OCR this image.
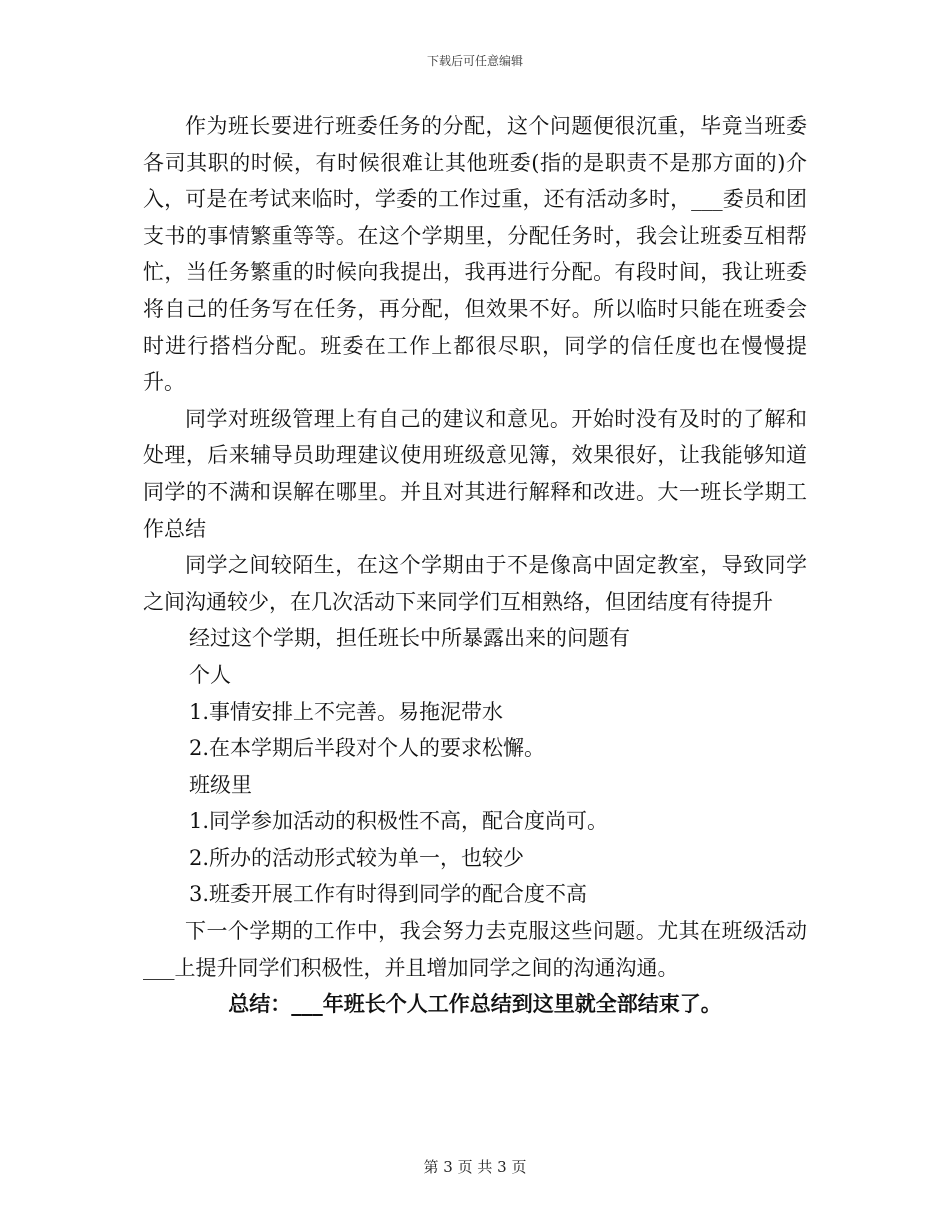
下载后可任意编辑

作为班长要进行班委任务的分配，这个问题便很沉重，毕竟当班委各司其职的时候，有时候很难让其他班委(指的是职责不是那方面的)介入，可是在考试来临时，学委的工作过重，还有活动多时，___委员和团支书的事情繁重等等。在这个学期里，分配任务时，我会让班委互相帮忙，当任务繁重的时候向我提出，我再进行分配。有段时间，我让班委将自己的任务写在任务，再分配，但效果不好。所以临时只能在班委会时进行搭档分配。班委在工作上都很尽职，同学的信任度也在慢慢提升。

同学对班级管理上有自己的建议和意见。开始时没有及时的了解和处理，后来辅导员助理建议使用班级意见簿，效果很好，让我能够知道同学的不满和误解在哪里。并且对其进行解释和改进。大一班长学期工作总结

同学之间较陌生，在这个学期由于不是像高中固定教室，导致同学之间沟通较少，在几次活动下来同学们互相熟络，但团结度有待提升

经过这个学期，担任班长中所暴露出来的问题有

个人

1.事情安排上不完善。易拖泥带水

2.在本学期后半段对个人的要求松懈。

班级里

1.同学参加活动的积极性不高，配合度尚可。

2.所办的活动形式较为单一，也较少

3.班委开展工作有时得到同学的配合度不高

下一个学期的工作中，我会努力去克服这些问题。尤其在班级活动___上提升同学们积极性，并且增加同学之间的沟通沟通。

总结：___年班长个人工作总结到这里就全部结束了。

第 3 页 共 3 页
